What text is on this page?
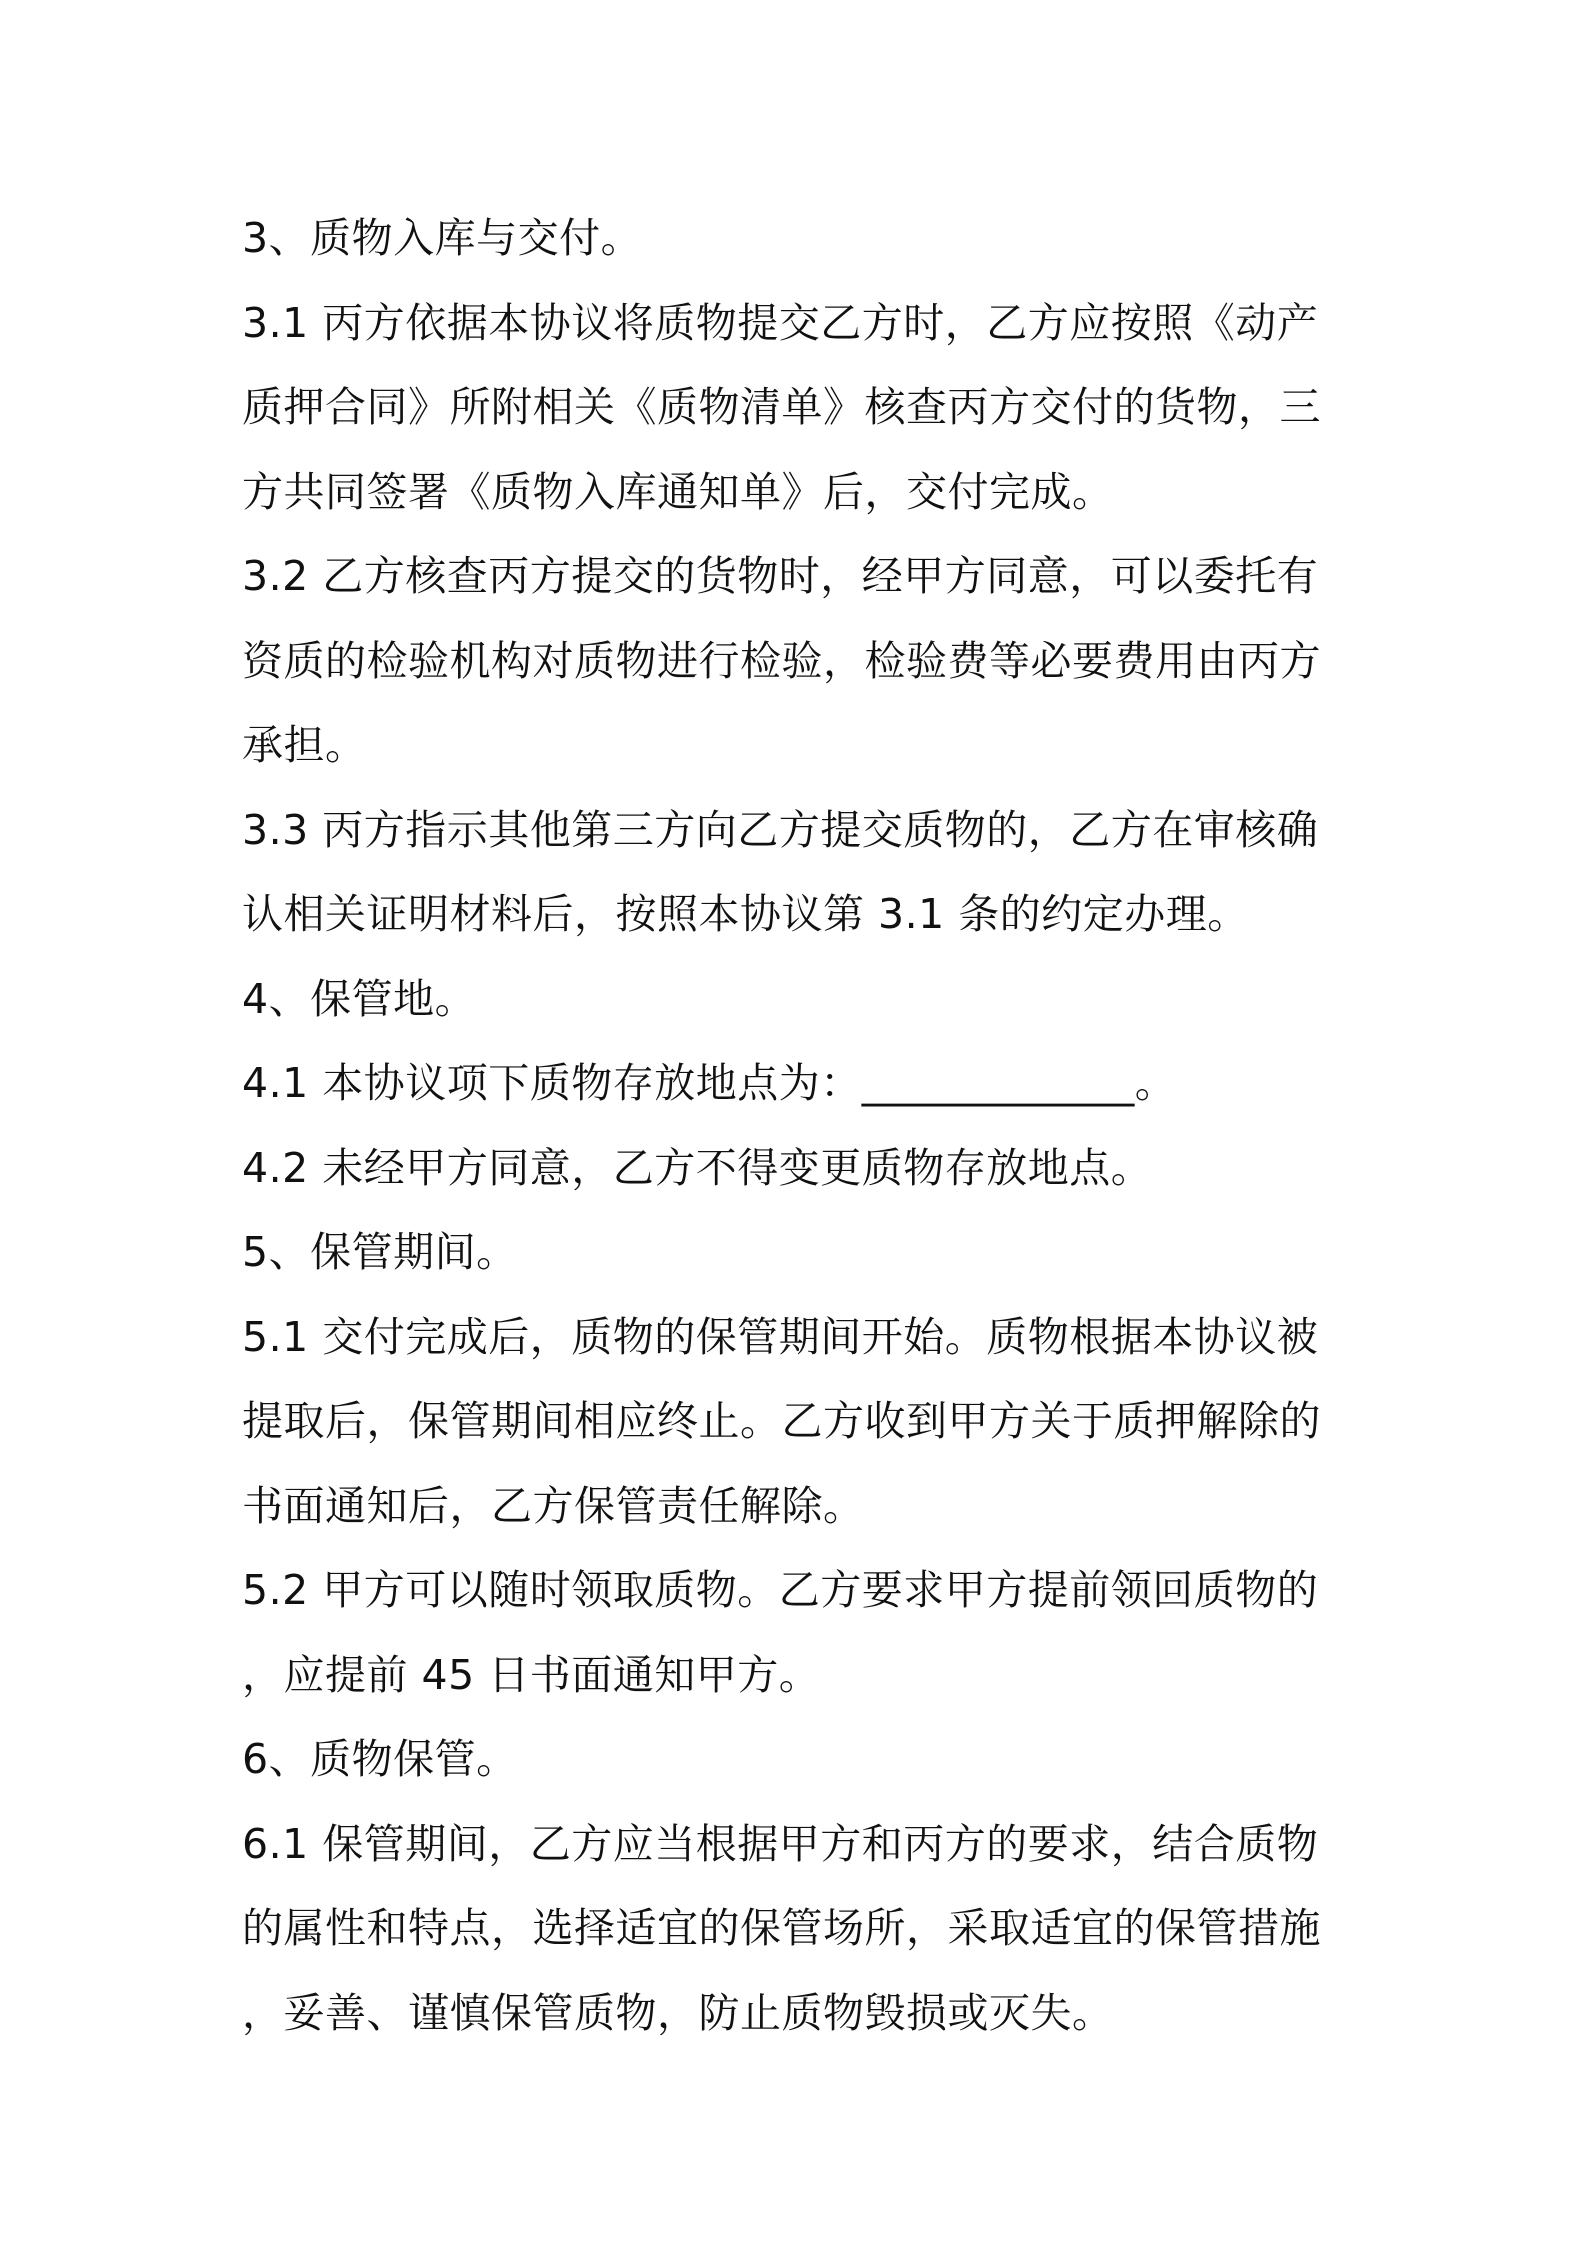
3、质物入库与交付。
3.1 丙方依据本协议将质物提交乙方时，乙方应按照《动产
质押合同》所附相关《质物清单》核查丙方交付的货物，三
方共同签署《质物入库通知单》后，交付完成。
3.2 乙方核查丙方提交的货物时，经甲方同意，可以委托有
资质的检验机构对质物进行检验，检验费等必要费用由丙方
承担。
3.3 丙方指示其他第三方向乙方提交质物的，乙方在审核确
认相关证明材料后，按照本协议第 3.1 条的约定办理。
4、保管地。
4.1 本协议项下质物存放地点为：_____________。
4.2 未经甲方同意，乙方不得变更质物存放地点。
5、保管期间。
5.1 交付完成后，质物的保管期间开始。质物根据本协议被
提取后，保管期间相应终止。乙方收到甲方关于质押解除的
书面通知后，乙方保管责任解除。
5.2 甲方可以随时领取质物。乙方要求甲方提前领回质物的
，应提前 45 日书面通知甲方。
6、质物保管。
6.1 保管期间，乙方应当根据甲方和丙方的要求，结合质物
的属性和特点，选择适宜的保管场所，采取适宜的保管措施
，妥善、谨慎保管质物，防止质物毁损或灭失。
